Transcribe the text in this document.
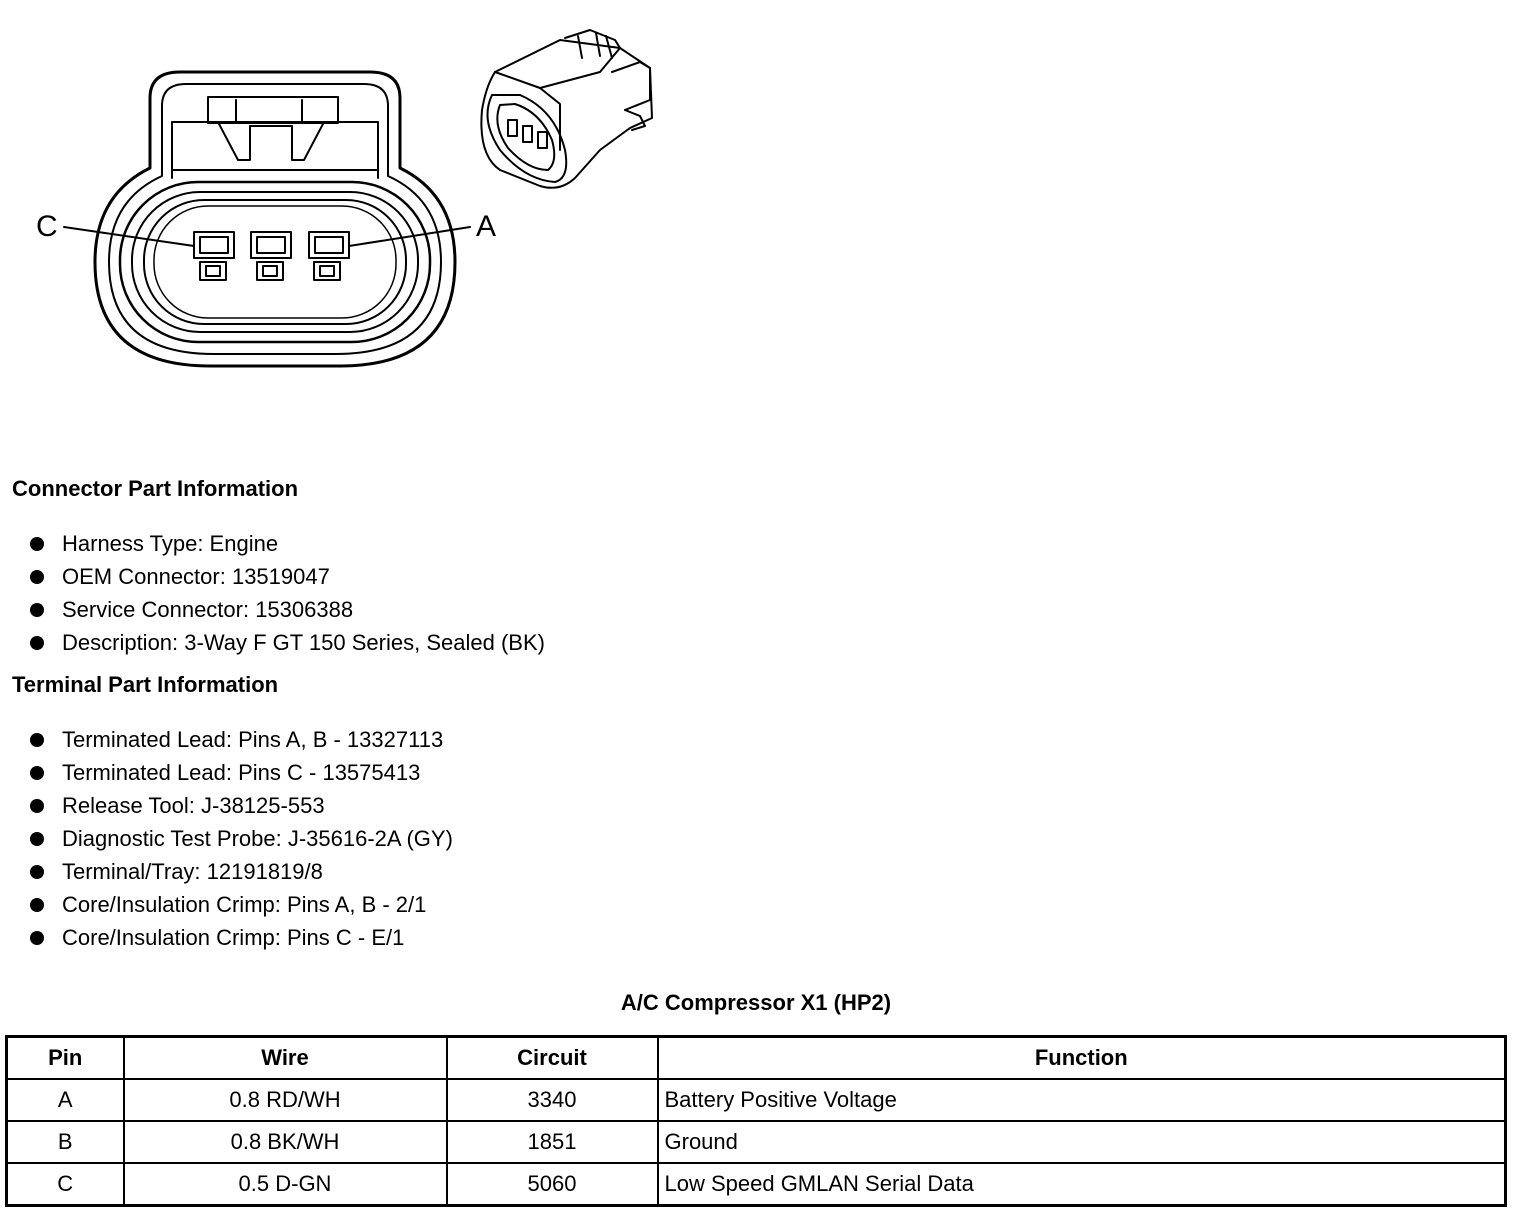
C	A
Connector Part Information
Harness Type: Engine
OEM Connector: 13519047
Service Connector: 15306388
Description: 3-Way F GT 150 Series, Sealed (BK)
Terminal Part Information
Terminated Lead: Pins A, B - 13327113
Terminated Lead: Pins C - 13575413
Release Tool: J-38125-553
Diagnostic Test Probe: J-35616-2A (GY)
Terminal/Tray: 12191819/8
Core/Insulation Crimp: Pins A, B - 2/1
Core/Insulation Crimp: Pins C - E/1
A/C Compressor X1 (HP2)
Pin	Wire	Circuit	Function
A	0.8 RD/WH	3340	Battery Positive Voltage
B	0.8 BK/WH	1851	Ground
C	0.5 D-GN	5060	Low Speed GMLAN Serial Data
